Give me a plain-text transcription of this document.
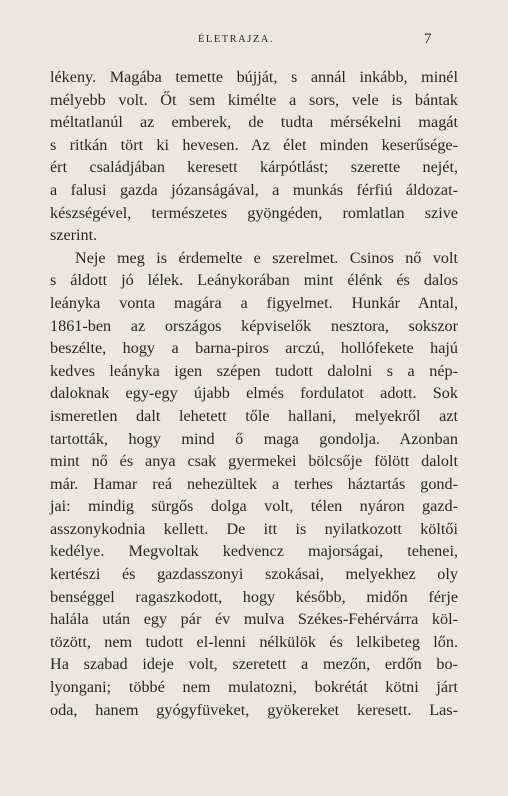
ÉLETRAJZA.	7
lékeny. Magába temette bújját, s annál inkább, minél
mélyebb volt. Őt sem kimélte a sors, vele is bántak
méltatlanúl az emberek, de tudta mérsékelni magát
s ritkán tört ki hevesen. Az élet minden keserűsége-
ért családjában keresett kárpótlást; szerette nejét,
a falusi gazda józanságával, a munkás férfiú áldozat-
készségével, természetes gyöngéden, romlatlan szive
szerint.
Neje meg is érdemelte e szerelmet. Csinos nő volt
s áldott jó lélek. Leánykorában mint élénk és dalos
leányka vonta magára a figyelmet. Hunkár Antal,
1861-ben az országos képviselők nesztora, sokszor
beszélte, hogy a barna-piros arczú, hollófekete hajú
kedves leányka igen szépen tudott dalolni s a nép-
daloknak egy-egy újabb elmés fordulatot adott. Sok
ismeretlen dalt lehetett tőle hallani, melyekről azt
tartották, hogy mind ő maga gondolja. Azonban
mint nő és anya csak gyermekei bölcsője fölött dalolt
már. Hamar reá nehezültek a terhes háztartás gond-
jai: mindig sürgős dolga volt, télen nyáron gazd-
asszonykodnia kellett. De itt is nyilatkozott költői
kedélye. Megvoltak kedvencz majorságai, tehenei,
kertészi és gazdasszonyi szokásai, melyekhez oly
benséggel ragaszkodott, hogy később, midőn férje
halála után egy pár év mulva Székes-Fehérvárra köl-
tözött, nem tudott el-lenni nélkülök és lelkibeteg lőn.
Ha szabad ideje volt, szeretett a mezőn, erdőn bo-
lyongani; többé nem mulatozni, bokrétát kötni járt
oda, hanem gyógyfüveket, gyökereket keresett. Las-
